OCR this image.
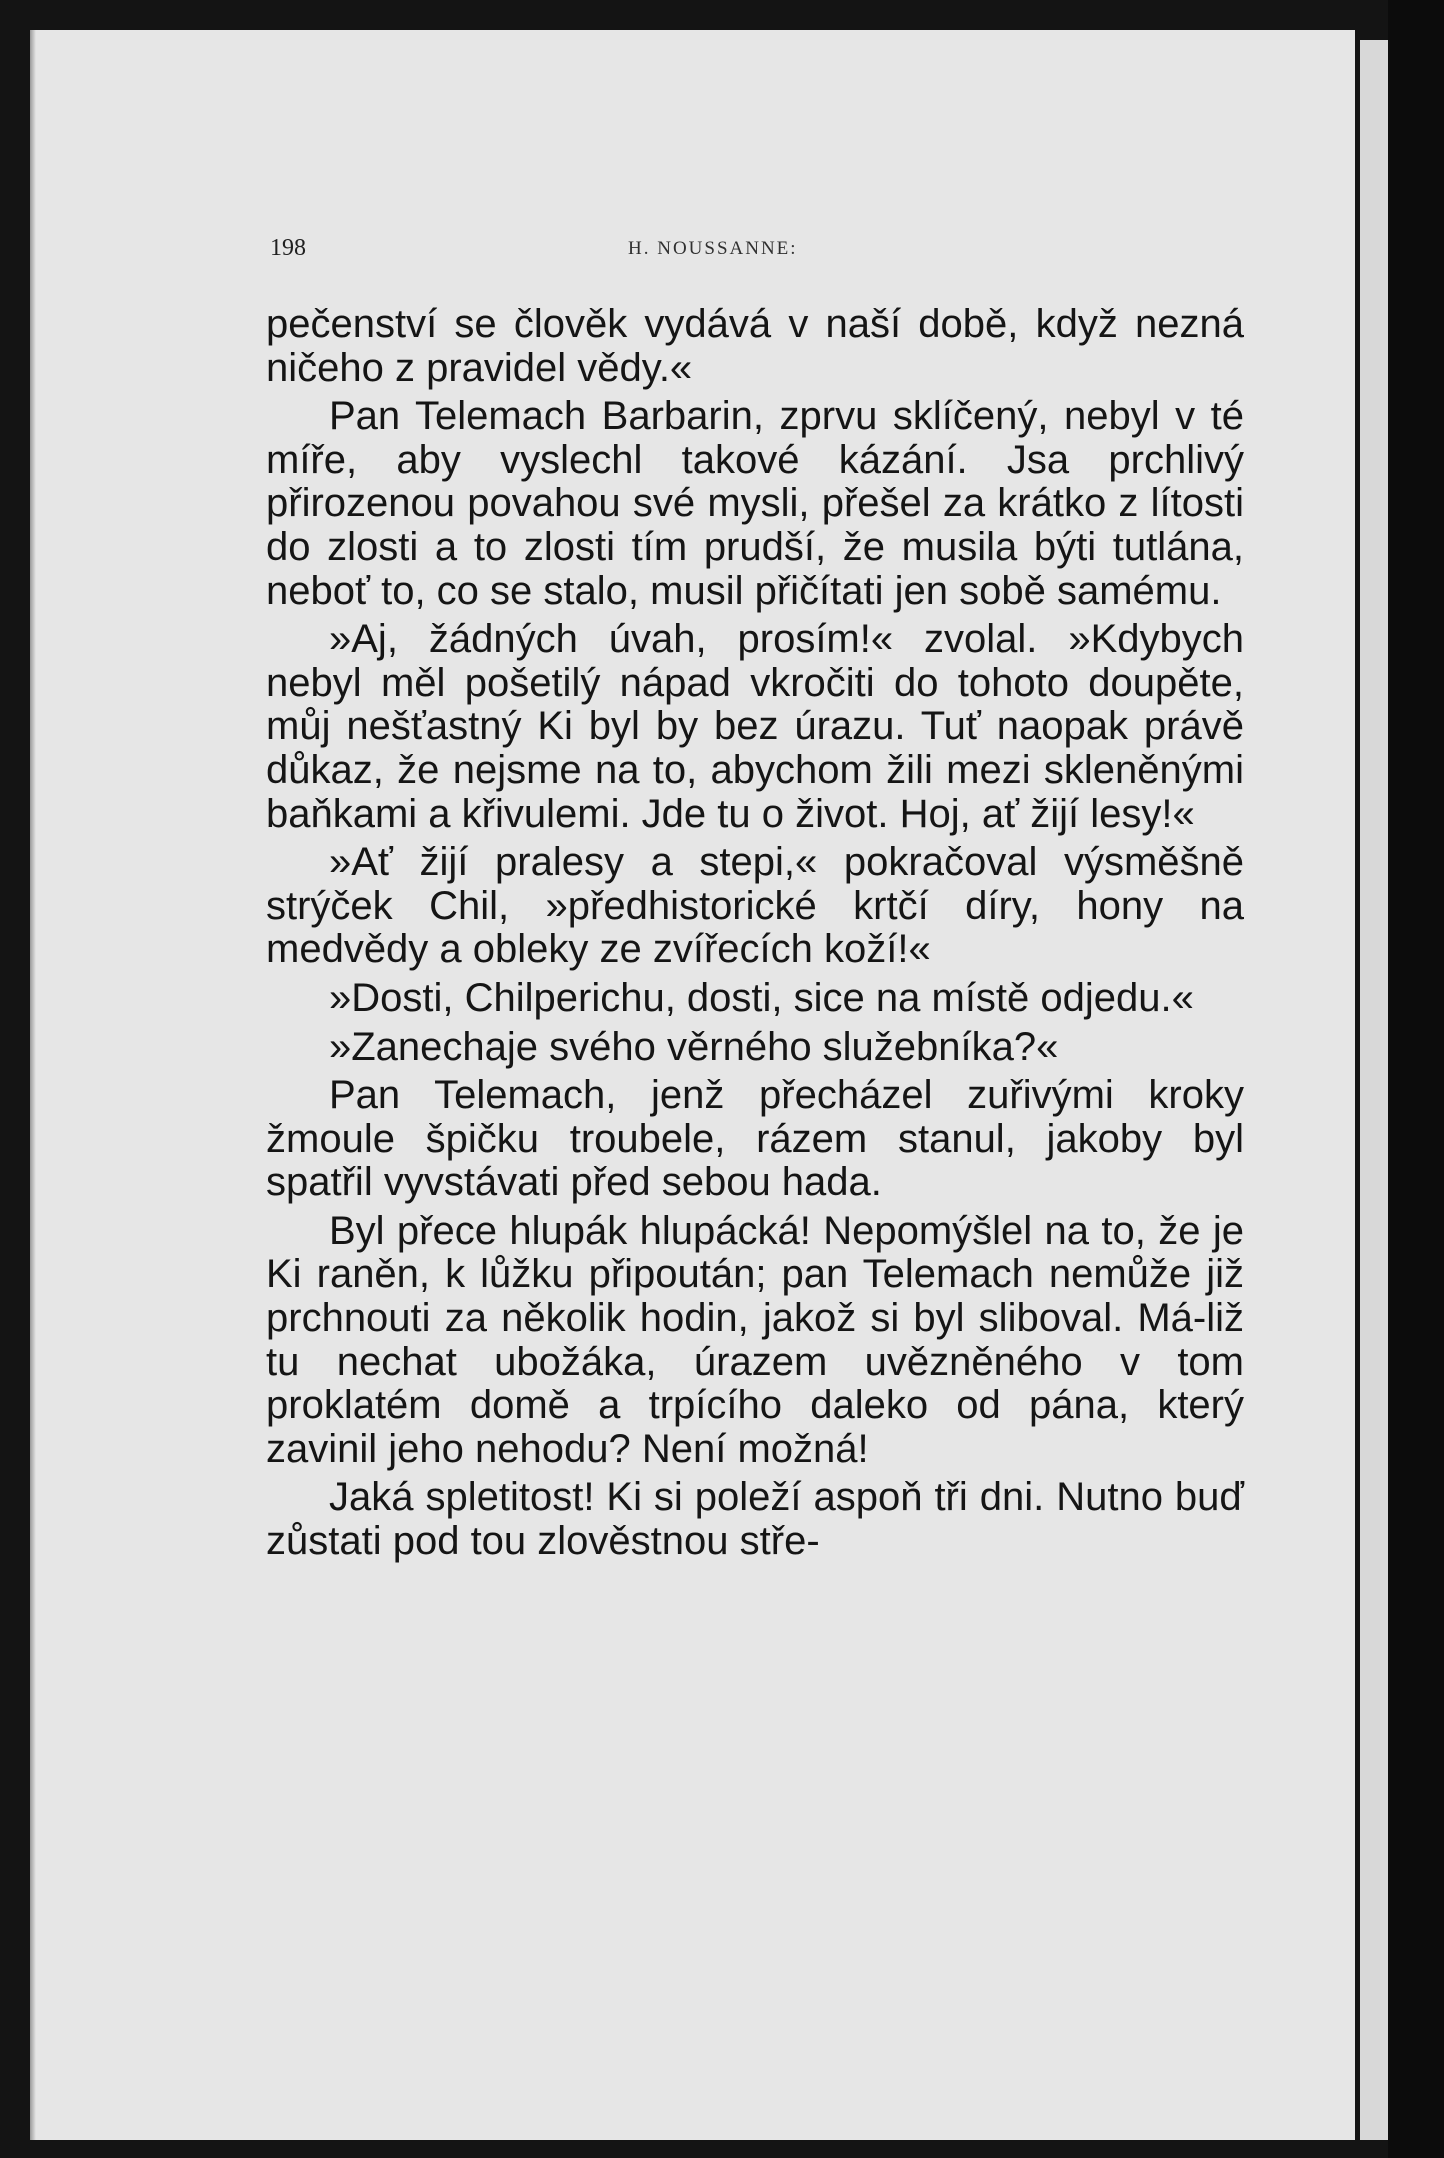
198	H. NOUSSANNE:

pečenství se člověk vydává v naší době, když nezná ničeho z pravidel vědy.«

Pan Telemach Barbarin, zprvu sklíčený, nebyl v té míře, aby vyslechl takové kázání. Jsa prchlivý přirozenou povahou své mysli, přešel za krátko z lítosti do zlosti a to zlosti tím prudší, že musila býti tutlána, neboť to, co se stalo, musil přičítati jen sobě samému.

»Aj, žádných úvah, prosím!« zvolal. »Kdybych nebyl měl pošetilý nápad vkročiti do tohoto doupěte, můj nešťastný Ki byl by bez úrazu. Tuť naopak právě důkaz, že nejsme na to, abychom žili mezi skleněnými baňkami a křivulemi. Jde tu o život. Hoj, ať žijí lesy!«

»Ať žijí pralesy a stepi,« pokračoval výsměšně strýček Chil, »předhistorické krtčí díry, hony na medvědy a obleky ze zvířecích koží!«

»Dosti, Chilperichu, dosti, sice na místě odjedu.«

»Zanechaje svého věrného služebníka?«

Pan Telemach, jenž přecházel zuřivými kroky žmoule špičku troubele, rázem stanul, jakoby byl spatřil vyvstávati před sebou hada.

Byl přece hlupák hlupácká! Nepomýšlel na to, že je Ki raněn, k lůžku připoután; pan Telemach nemůže již prchnouti za několik hodin, jakož si byl sliboval. Má-liž tu nechat ubožáka, úrazem uvězněného v tom proklatém domě a trpícího daleko od pána, který zavinil jeho nehodu? Není možná!

Jaká spletitost! Ki si poleží aspoň tři dni. Nutno buď zůstati pod tou zlověstnou stře-
